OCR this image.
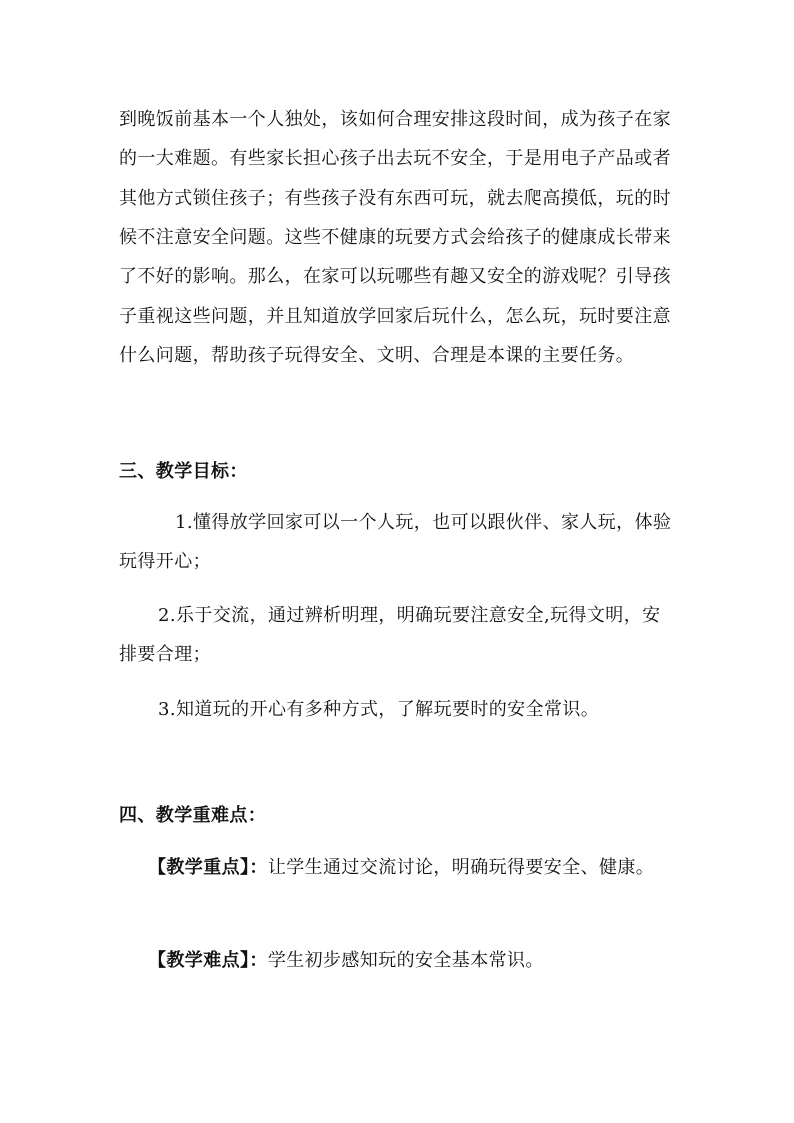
到晚饭前基本一个人独处，该如何合理安排这段时间，成为孩子在家
的一大难题。有些家长担心孩子出去玩不安全，于是用电子产品或者
其他方式锁住孩子；有些孩子没有东西可玩，就去爬高摸低，玩的时
候不注意安全问题。这些不健康的玩要方式会给孩子的健康成长带来
了不好的影响。那么，在家可以玩哪些有趣又安全的游戏呢？引导孩
子重视这些问题，并且知道放学回家后玩什么，怎么玩，玩时要注意
什么问题，帮助孩子玩得安全、文明、合理是本课的主要任务。
三、教学目标：
1.懂得放学回家可以一个人玩，也可以跟伙伴、家人玩，体验
玩得开心；
2.乐于交流，通过辨析明理，明确玩要注意安全,玩得文明，安
排要合理；
3.知道玩的开心有多种方式，了解玩要时的安全常识。
四、教学重难点：
【教学重点】：让学生通过交流讨论，明确玩得要安全、健康。
【教学难点】：学生初步感知玩的安全基本常识。
